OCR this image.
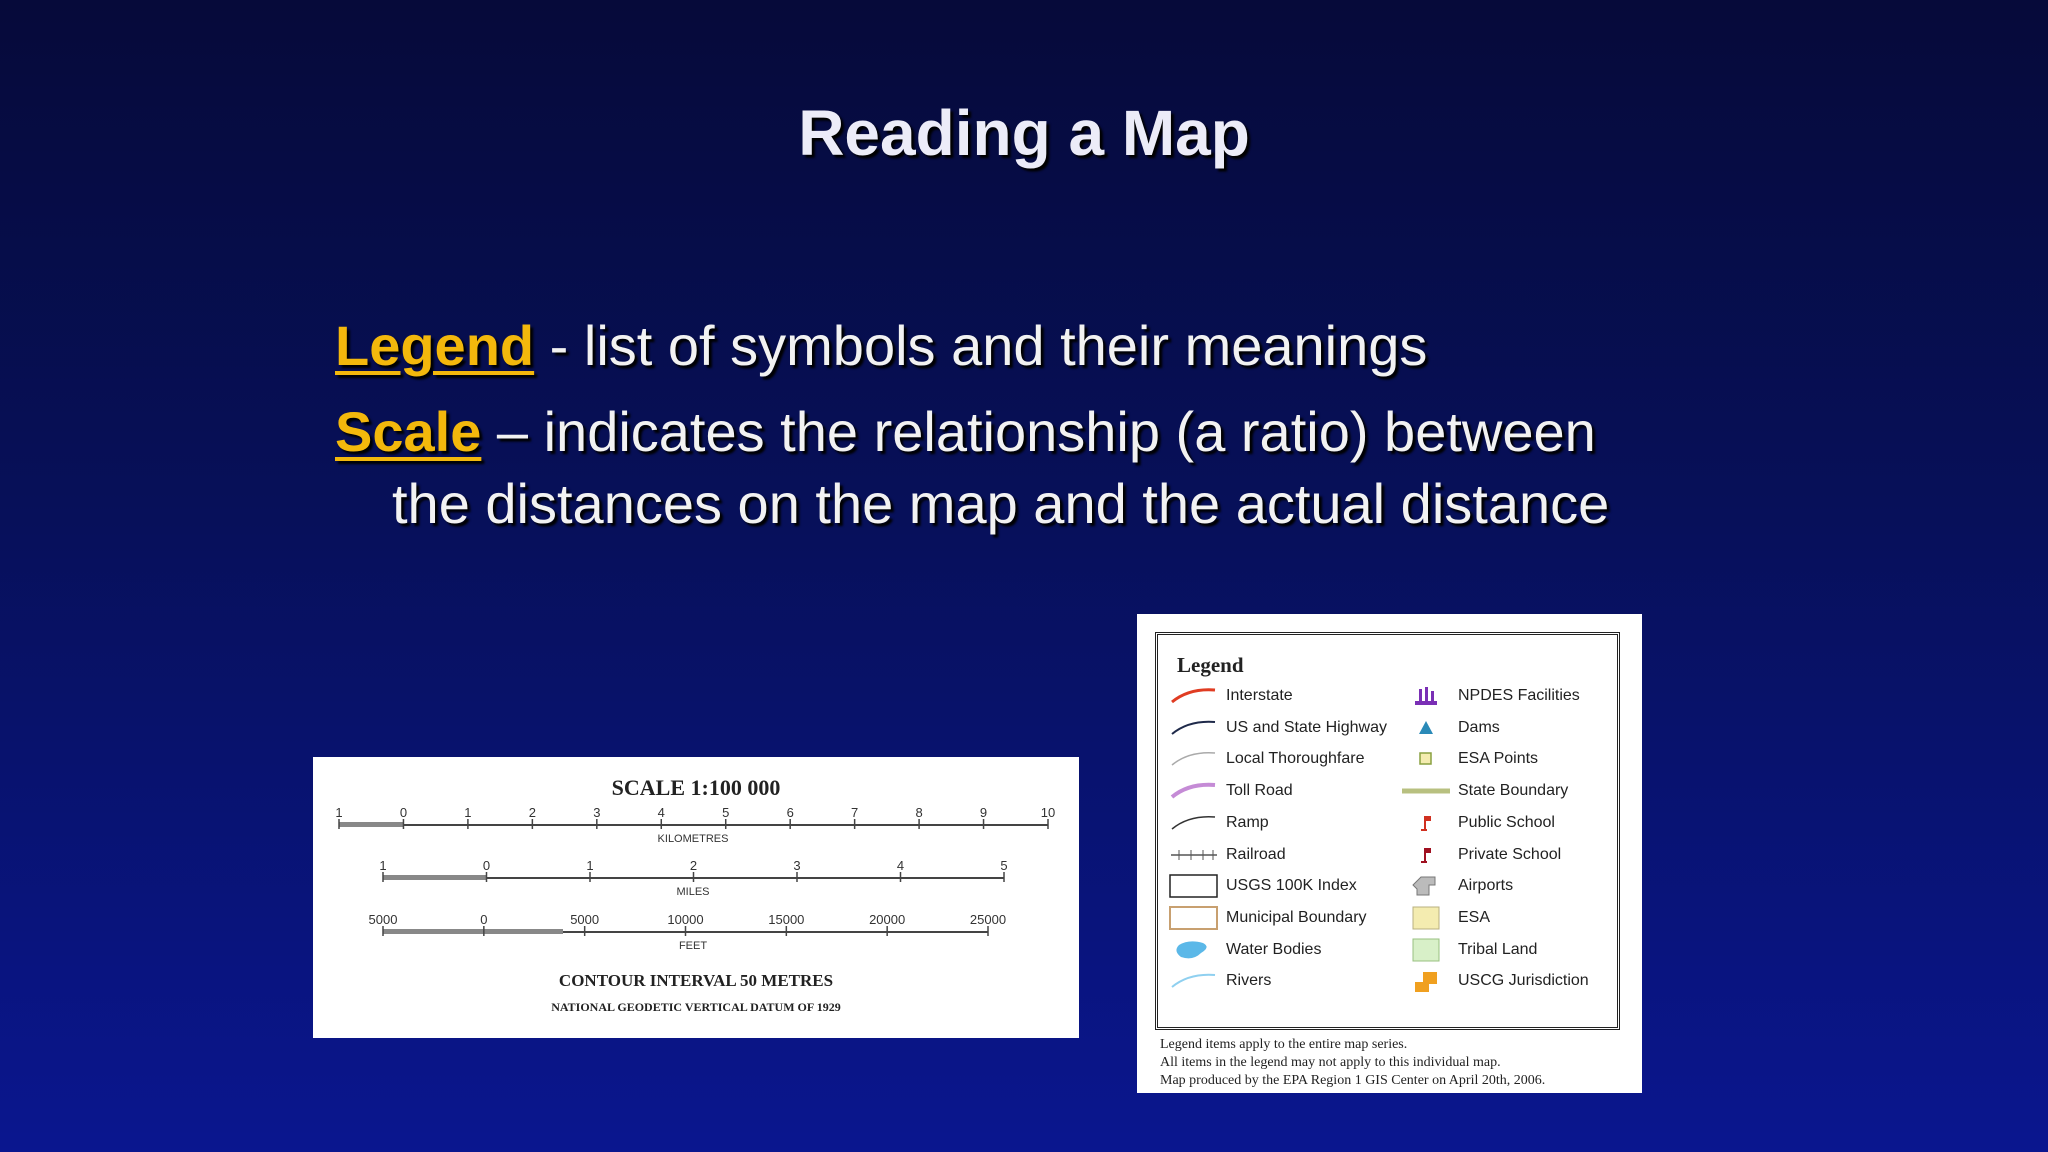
Reading a Map
Legend - list of symbols and their meanings
Scale – indicates the relationship (a ratio) between
the distances on the map and the actual distance
SCALE 1:100 000
1	0	1	2	3	4	5	6	7	8	9	10
KILOMETRES
1	0	1	2	3	4	5
MILES
5000	0	5000	10000	15000	20000	25000
FEET
CONTOUR INTERVAL 50 METRES
NATIONAL GEODETIC VERTICAL DATUM OF 1929
Legend
Interstate
US and State Highway
Local Thoroughfare
Toll Road
Ramp
Railroad
USGS 100K Index
Municipal Boundary
Water Bodies
Rivers
NPDES Facilities
Dams
ESA Points
State Boundary
Public School
Private School
Airports
ESA
Tribal Land
USCG Jurisdiction
Legend items apply to the entire map series.
All items in the legend may not apply to this individual map.
Map produced by the EPA Region 1 GIS Center on April 20th, 2006.
